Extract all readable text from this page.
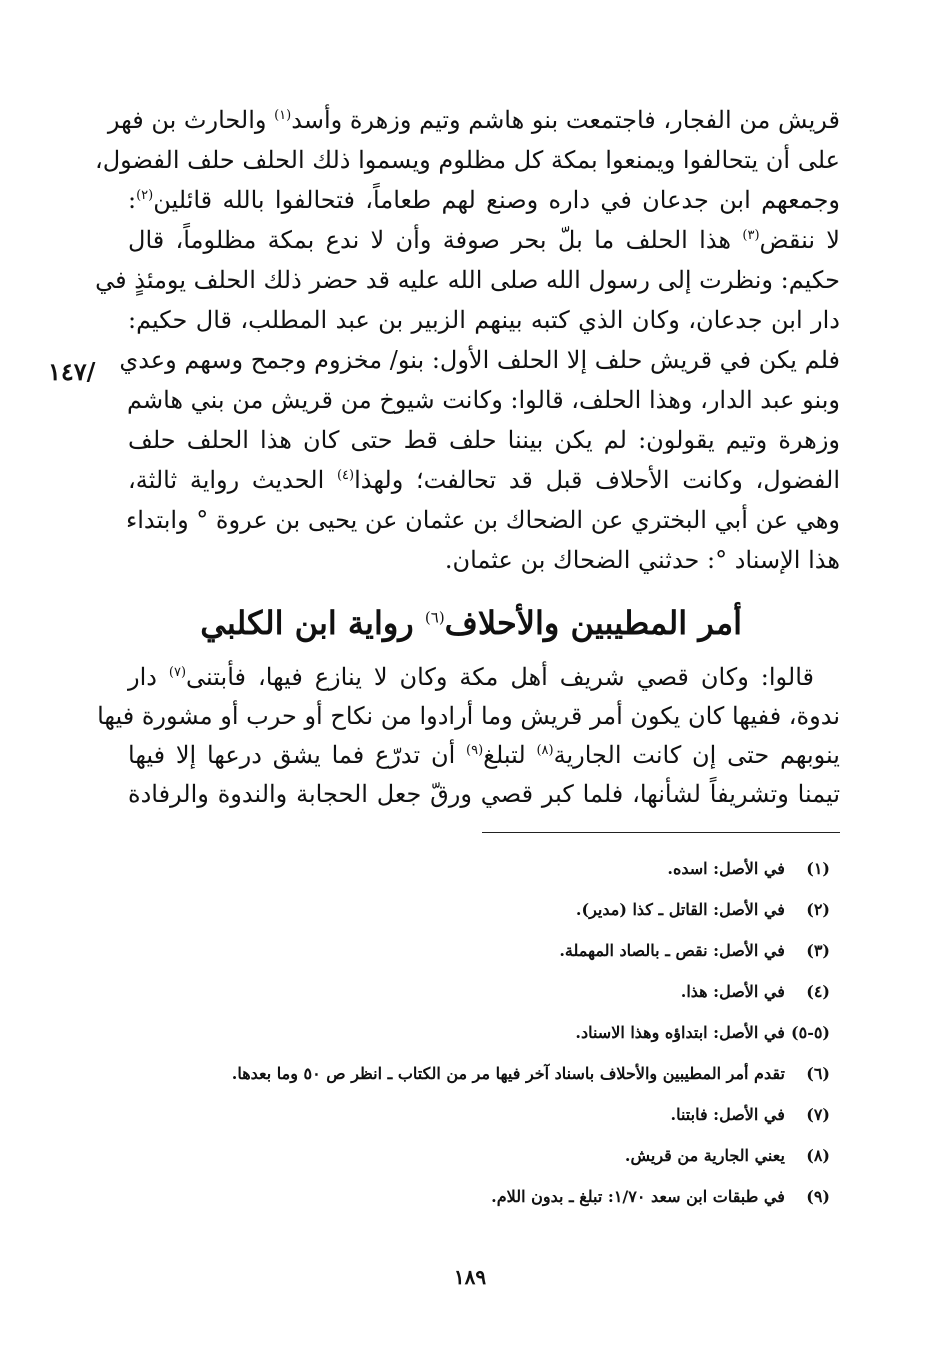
قريش من الفجار، فاجتمعت بنو هاشم وتيم وزهرة وأسد$^{(١)}$ والحارث بن فهر
على أن يتحالفوا ويمنعوا بمكة كل مظلوم ويسموا ذلك الحلف حلف الفضول،
وجمعهم ابن جدعان في داره وصنع لهم طعاماً، فتحالفوا بالله قائلين$^{(٢)}$:
لا ننقض$^{(٣)}$ هذا الحلف ما بلّ بحر صوفة وأن لا ندع بمكة مظلوماً، قال
حكيم: ونظرت إلى رسول الله صلى الله عليه قد حضر ذلك الحلف يومئذٍ في
دار ابن جدعان، وكان الذي كتبه بينهم الزبير بن عبد المطلب، قال حكيم:
فلم يكن في قريش حلف إلا الحلف الأول: بنو/ مخزوم وجمح وسهم وعدي
وبنو عبد الدار، وهذا الحلف، قالوا: وكانت شيوخ من قريش من بني هاشم
وزهرة وتيم يقولون: لم يكن بيننا حلف قط حتى كان هذا الحلف حلف
الفضول، وكانت الأحلاف قبل قد تحالفت؛ ولهذا$^{(٤)}$ الحديث رواية ثالثة،
وهي عن أبي البختري عن الضحاك بن عثمان عن يحيى بن عروة ° وابتداء
هذا الإسناد °: حدثني الضحاك بن عثمان.
/١٤٧
أمر المطيبين والأحلاف$^{(٦)}$ رواية ابن الكلبي
قالوا: وكان قصي شريف أهل مكة وكان لا ينازع فيها، فأبتنى$^{(٧)}$ دار
ندوة، ففيها كان يكون أمر قريش وما أرادوا من نكاح أو حرب أو مشورة فيها
ينوبهم حتى إن كانت الجارية$^{(٨)}$ لتبلغ$^{(٩)}$ أن تدرّع فما يشق درعها إلا فيها
تيمنا وتشريفاً لشأنها، فلما كبر قصي ورقّ جعل الحجابة والندوة والرفادة
(١) في الأصل: اسده.
(٢) في الأصل: القاتل ـ كذا (مدير).
(٣) في الأصل: نقص ـ بالصاد المهملة.
(٤) في الأصل: هذا.
(٥-٥) في الأصل: ابتداؤه وهذا الاسناد.
(٦) تقدم أمر المطيبين والأحلاف باسناد آخر فيها مر من الكتاب ـ انظر ص ٥٠ وما بعدها.
(٧) في الأصل: فابتنا.
(٨) يعني الجارية من قريش.
(٩) في طبقات ابن سعد ١/٧٠: تبلغ ـ بدون اللام.
١٨٩
